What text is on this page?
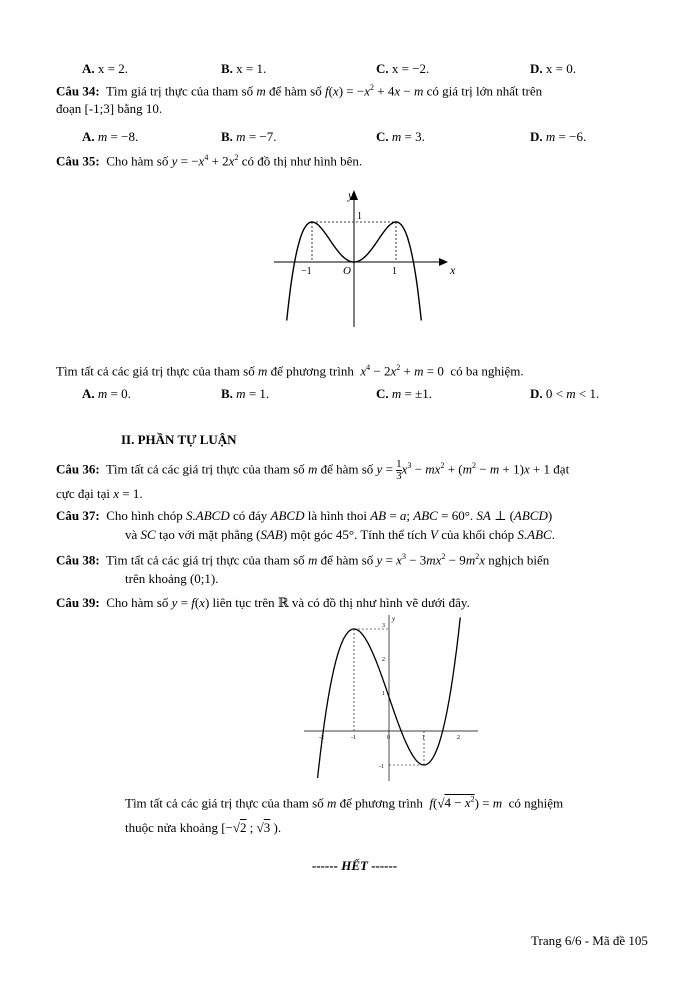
A. x = 2.	B. x = 1.	C. x = −2.	D. x = 0.
Câu 34:  Tìm giá trị thực của tham số m để hàm số $f(x) = -x^2 + 4x - m$ có giá trị lớn nhất trên
đoạn [-1;3] bằng 10.
A. m = −8.	B. m = −7.	C. m = 3.	D. m = −6.
Câu 35:  Cho hàm số $y = -x^4 + 2x^2$ có đồ thị như hình bên.
y
x
O
1
1
−1
Tìm tất cả các giá trị thực của tham số m để phương trình  $x^4 - 2x^2 + m = 0$  có ba nghiệm.
A. m = 0.	B. m = 1.	C. m = ±1.	D. 0 < m < 1.
II. PHẦN TỰ LUẬN
Câu 36:  Tìm tất cả các giá trị thực của tham số m để hàm số $y = \frac{1}{3} x^3 - mx^2 + (m^2 - m + 1)x + 1$ đạt
cực đại tại x = 1.
Câu 37:  Cho hình chóp S.ABCD có đáy ABCD là hình thoi AB = a; ABC = 60°. SA ⊥ (ABCD)
và SC tạo với mặt phẳng (SAB) một góc 45°. Tính thể tích V của khối chóp S.ABC.
Câu 38:  Tìm tất cả các giá trị thực của tham số m để hàm số $y = x^3 - 3mx^2 - 9m^2x$ nghịch biến
trên khoảng (0;1).
Câu 39:  Cho hàm số y = f(x) liên tục trên ℝ và có đồ thị như hình vẽ dưới đây.
y
3
2
1
-1
-2	-1	0	1	2
Tìm tất cả các giá trị thực của tham số m để phương trình  $f(√4 - x^2) = m$  có nghiệm
thuộc nửa khoảng [−√2 ; √3 ).
------ HẾT ------
Trang 6/6 - Mã đề 105
